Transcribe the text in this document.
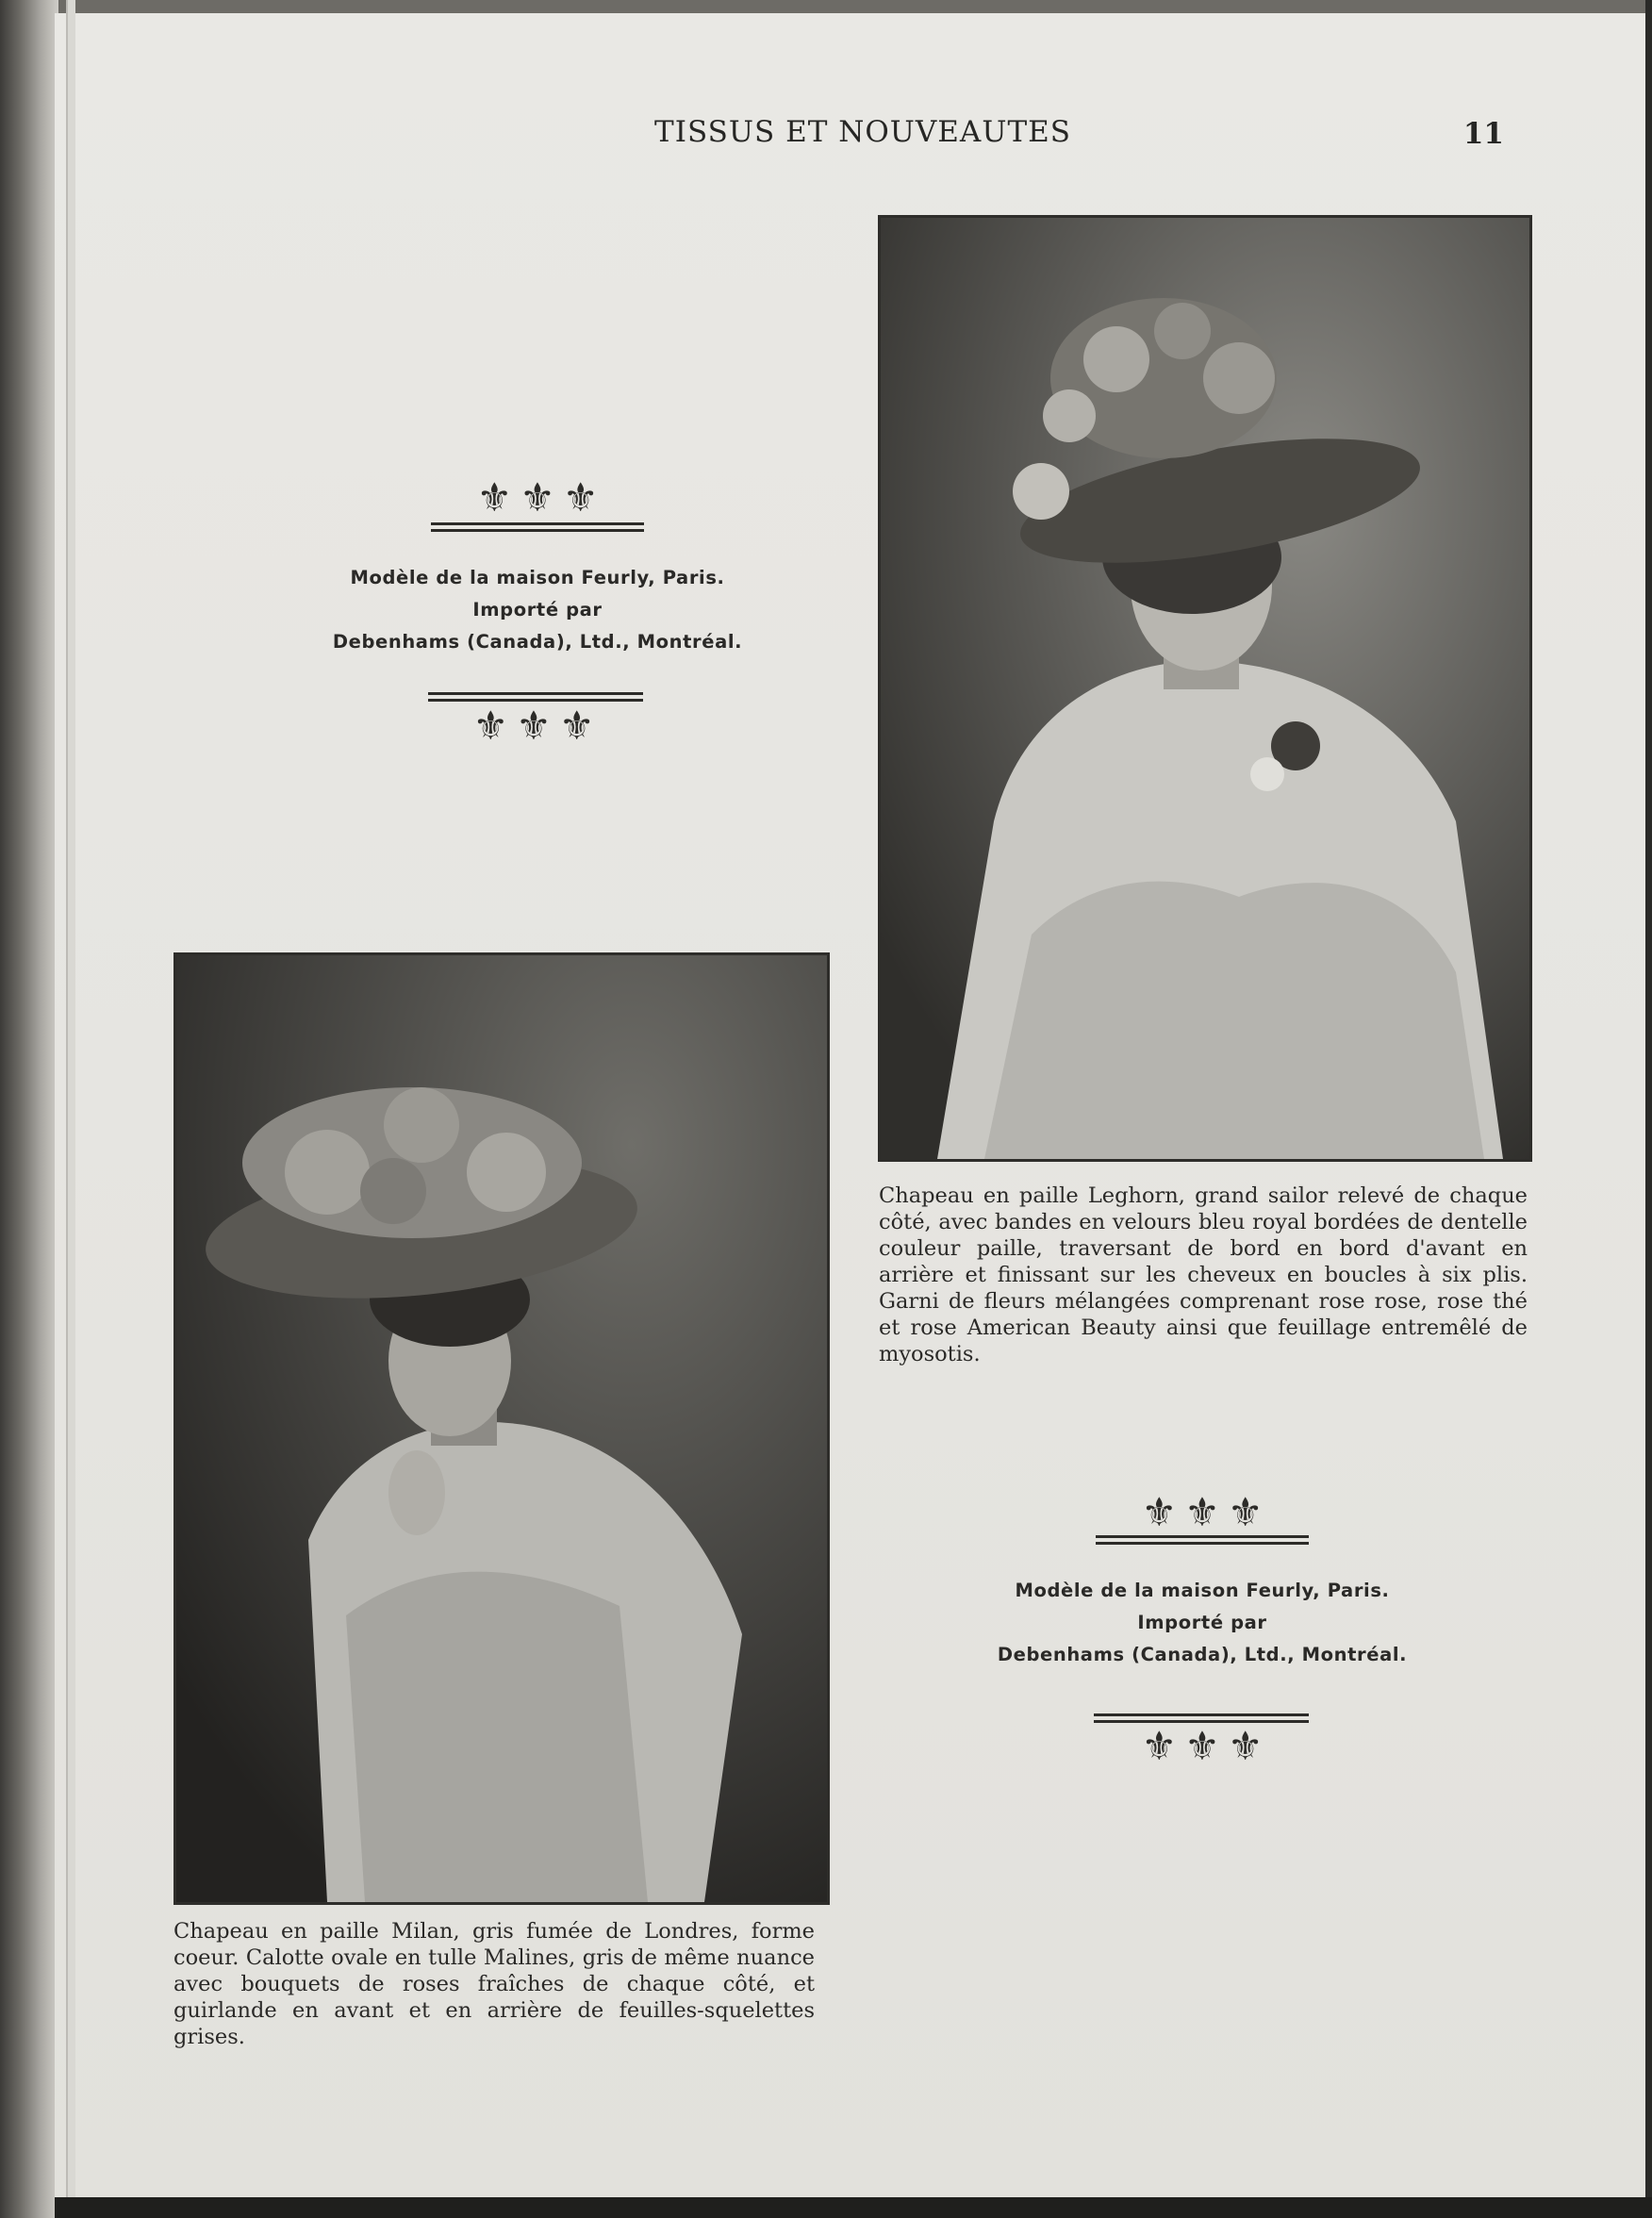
TISSUS ET NOUVEAUTES	11
⚜ ⚜ ⚜
Modèle de la maison Feurly, Paris.
Importé par
Debenhams (Canada), Ltd., Montréal.
⚜ ⚜ ⚜
Chapeau en paille Leghorn, grand sailor relevé de chaque côté, avec bandes en velours bleu royal bordées de dentelle couleur paille, traversant de bord en bord d'avant en arrière et finissant sur les cheveux en boucles à six plis. Garni de fleurs mélangées comprenant rose rose, rose thé et rose American Beauty ainsi que feuillage entremêlé de myosotis.
Chapeau en paille Milan, gris fumée de Londres, forme coeur. Calotte ovale en tulle Malines, gris de même nuance avec bouquets de roses fraîches de chaque côté, et guirlande en avant et en arrière de feuilles-squelettes grises.
⚜ ⚜ ⚜
Modèle de la maison Feurly, Paris.
Importé par
Debenhams (Canada), Ltd., Montréal.
⚜ ⚜ ⚜
